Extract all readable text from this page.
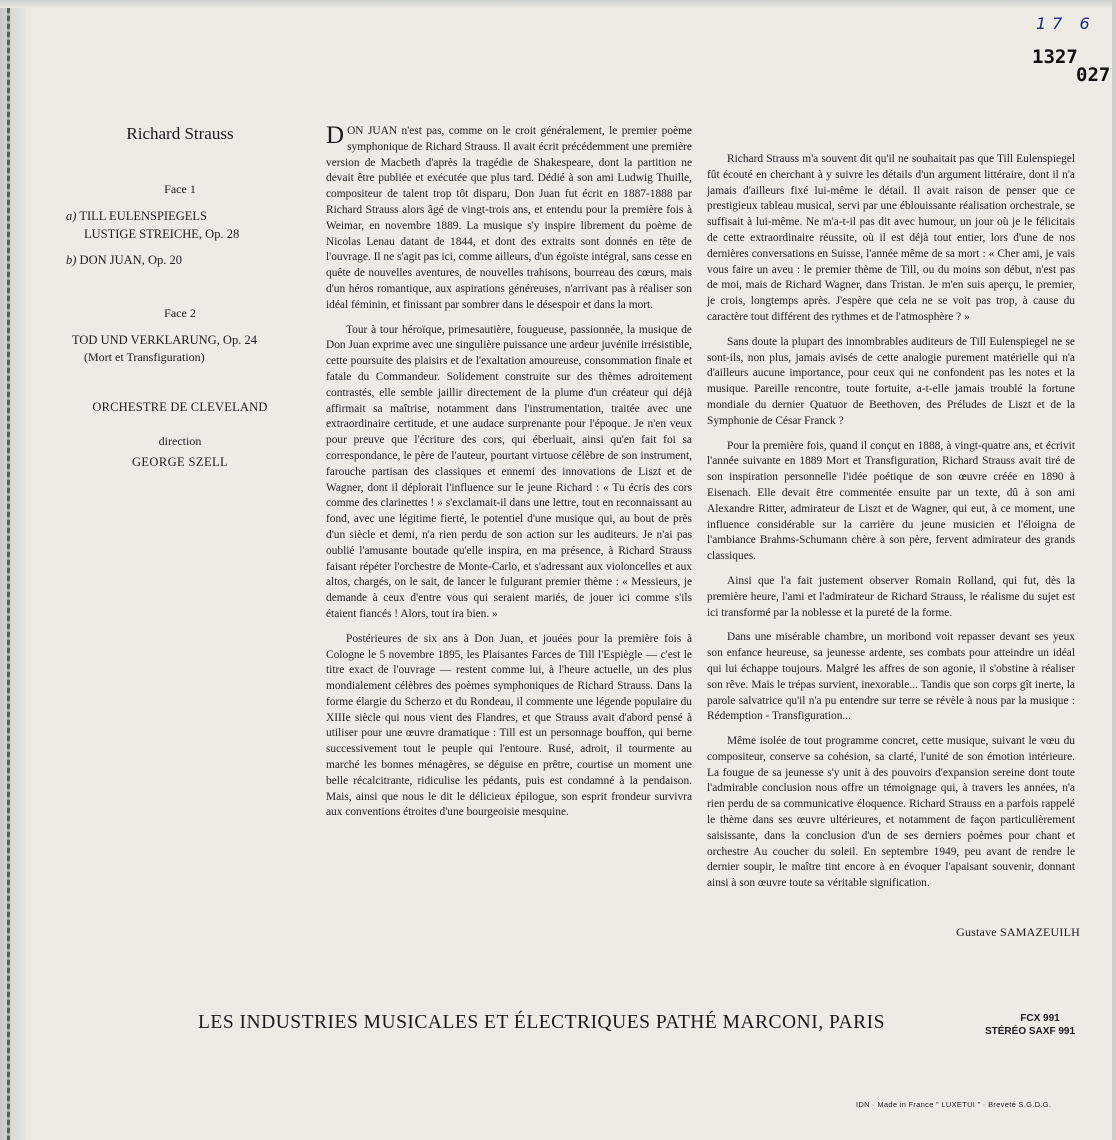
17 6
1327
027
Richard Strauss
Face 1
a) TILL EULENSPIEGELS
LUSTIGE STREICHE, Op. 28
b) DON JUAN, Op. 20
Face 2
TOD UND VERKLARUNG, Op. 24
(Mort et Transfiguration)
ORCHESTRE DE CLEVELAND
direction
GEORGE SZELL

DON JUAN n'est pas, comme on le croit généralement, le premier poème symphonique de Richard Strauss. Il avait écrit précédemment une première version de Macbeth d'après la tragédie de Shakespeare, dont la partition ne devait être publiée et exécutée que plus tard. Dédié à son ami Ludwig Thuille, compositeur de talent trop tôt disparu, Don Juan fut écrit en 1887-1888 par Richard Strauss alors âgé de vingt-trois ans, et entendu pour la première fois à Weimar, en novembre 1889. La musique s'y inspire librement du poème de Nicolas Lenau datant de 1844, et dont des extraits sont donnés en tête de l'ouvrage. Il ne s'agit pas ici, comme ailleurs, d'un égoïste intégral, sans cesse en quête de nouvelles aventures, de nouvelles trahisons, bourreau des cœurs, mais d'un héros romantique, aux aspirations généreuses, n'arrivant pas à réaliser son idéal féminin, et finissant par sombrer dans le désespoir et dans la mort.

Tour à tour héroïque, primesautière, fougueuse, passionnée, la musique de Don Juan exprime avec une singulière puissance une ardeur juvénile irrésistible, cette poursuite des plaisirs et de l'exaltation amoureuse, consommation finale et fatale du Commandeur. Solidement construite sur des thèmes adroitement contrastés, elle semble jaillir directement de la plume d'un créateur qui déjà affirmait sa maîtrise, notamment dans l'instrumentation, traitée avec une extraordinaire certitude, et une audace surprenante pour l'époque. Je n'en veux pour preuve que l'écriture des cors, qui éberluait, ainsi qu'en fait foi sa correspondance, le père de l'auteur, pourtant virtuose célèbre de son instrument, farouche partisan des classiques et ennemi des innovations de Liszt et de Wagner, dont il déplorait l'influence sur le jeune Richard : « Tu écris des cors comme des clarinettes ! » s'exclamait-il dans une lettre, tout en reconnaissant au fond, avec une légitime fierté, le potentiel d'une musique qui, au bout de près d'un siècle et demi, n'a rien perdu de son action sur les auditeurs. Je n'ai pas oublié l'amusante boutade qu'elle inspira, en ma présence, à Richard Strauss faisant répéter l'orchestre de Monte-Carlo, et s'adressant aux violoncelles et aux altos, chargés, on le sait, de lancer le fulgurant premier thème : « Messieurs, je demande à ceux d'entre vous qui seraient mariés, de jouer ici comme s'ils étaient fiancés ! Alors, tout ira bien. »

Postérieures de six ans à Don Juan, et jouées pour la première fois à Cologne le 5 novembre 1895, les Plaisantes Farces de Till l'Espiègle — c'est le titre exact de l'ouvrage — restent comme lui, à l'heure actuelle, un des plus mondialement célèbres des poèmes symphoniques de Richard Strauss. Dans la forme élargie du Scherzo et du Rondeau, il commente une légende populaire du XIIIe siècle qui nous vient des Flandres, et que Strauss avait d'abord pensé à utiliser pour une œuvre dramatique : Till est un personnage bouffon, qui berne successivement tout le peuple qui l'entoure. Rusé, adroit, il tourmente au marché les bonnes ménagères, se déguise en prêtre, courtise un moment une belle récalcitrante, ridiculise les pédants, puis est condamné à la pendaison. Mais, ainsi que nous le dit le délicieux épilogue, son esprit frondeur survivra aux conventions étroites d'une bourgeoisie mesquine.

Richard Strauss m'a souvent dit qu'il ne souhaitait pas que Till Eulenspiegel fût écouté en cherchant à y suivre les détails d'un argument littéraire, dont il n'a jamais d'ailleurs fixé lui-même le détail. Il avait raison de penser que ce prestigieux tableau musical, servi par une éblouissante réalisation orchestrale, se suffisait à lui-même. Ne m'a-t-il pas dit avec humour, un jour où je le félicitais de cette extraordinaire réussite, où il est déjà tout entier, lors d'une de nos dernières conversations en Suisse, l'année même de sa mort : « Cher ami, je vais vous faire un aveu : le premier thème de Till, ou du moins son début, n'est pas de moi, mais de Richard Wagner, dans Tristan. Je m'en suis aperçu, le premier, je crois, longtemps après. J'espère que cela ne se voit pas trop, à cause du caractère tout différent des rythmes et de l'atmosphère ? »

Sans doute la plupart des innombrables auditeurs de Till Eulenspiegel ne se sont-ils, non plus, jamais avisés de cette analogie purement matérielle qui n'a d'ailleurs aucune importance, pour ceux qui ne confondent pas les notes et la musique. Pareille rencontre, toute fortuite, a-t-elle jamais troublé la fortune mondiale du dernier Quatuor de Beethoven, des Préludes de Liszt et de la Symphonie de César Franck ?

Pour la première fois, quand il conçut en 1888, à vingt-quatre ans, et écrivit l'année suivante en 1889 Mort et Transfiguration, Richard Strauss avait tiré de son inspiration personnelle l'idée poétique de son œuvre créée en 1890 à Eisenach. Elle devait être commentée ensuite par un texte, dû à son ami Alexandre Ritter, admirateur de Liszt et de Wagner, qui eut, à ce moment, une influence considérable sur la carrière du jeune musicien et l'éloigna de l'ambiance Brahms-Schumann chère à son père, fervent admirateur des grands classiques.

Ainsi que l'a fait justement observer Romain Rolland, qui fut, dès la première heure, l'ami et l'admirateur de Richard Strauss, le réalisme du sujet est ici transformé par la noblesse et la pureté de la forme.

Dans une misérable chambre, un moribond voit repasser devant ses yeux son enfance heureuse, sa jeunesse ardente, ses combats pour atteindre un idéal qui lui échappe toujours. Malgré les affres de son agonie, il s'obstine à réaliser son rêve. Mais le trépas survient, inexorable... Tandis que son corps gît inerte, la parole salvatrice qu'il n'a pu entendre sur terre se révèle à nous par la musique : Rédemption - Transfiguration...

Même isolée de tout programme concret, cette musique, suivant le vœu du compositeur, conserve sa cohésion, sa clarté, l'unité de son émotion intérieure. La fougue de sa jeunesse s'y unit à des pouvoirs d'expansion sereine dont toute l'admirable conclusion nous offre un témoignage qui, à travers les années, n'a rien perdu de sa communicative éloquence. Richard Strauss en a parfois rappelé le thème dans ses œuvre ultérieures, et notamment de façon particulièrement saisissante, dans la conclusion d'un de ses derniers poèmes pour chant et orchestre Au coucher du soleil. En septembre 1949, peu avant de rendre le dernier soupir, le maître tint encore à en évoquer l'apaisant souvenir, donnant ainsi à son œuvre toute sa véritable signification.

Gustave SAMAZEUILH
LES INDUSTRIES MUSICALES ET ÉLECTRIQUES PATHÉ MARCONI, PARIS	FCX 991
STÉRÉO SAXF 991
IDN · Made in France " LUXETUI " · Breveté S.G.D.G.
